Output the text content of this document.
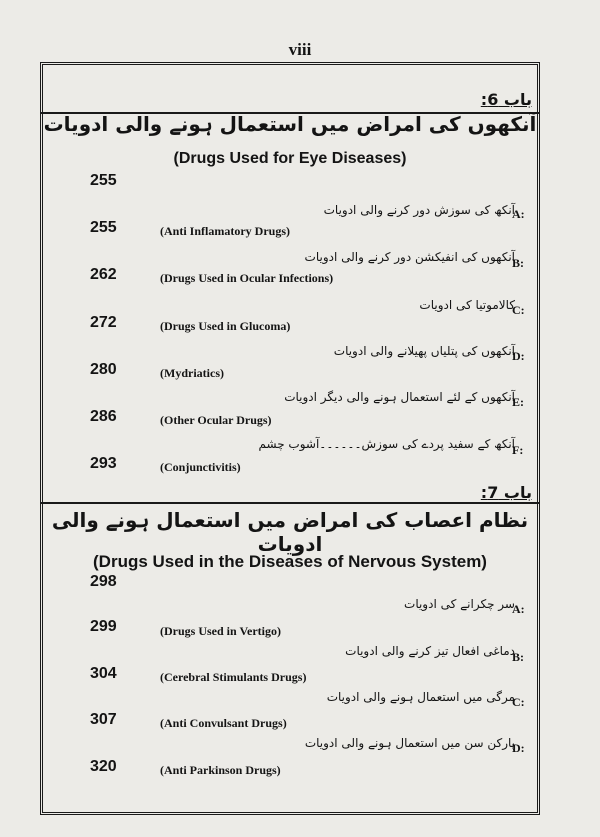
viii
باب 6:
آنکھوں کی امراض میں استعمال ہونے والی ادویات
(Drugs Used for Eye Diseases)
255
آنکھ کی سوزش دور کرنے والی ادویات
A:
255	(Anti Inflamatory Drugs)
آنکھوں کی انفیکشن دور کرنے والی ادویات
B:
262	(Drugs Used in Ocular Infections)
کالاموتیا کی ادویات
C:
272	(Drugs Used in Glucoma)
آنکھوں کی پتلیاں پھیلانے والی ادویات
D:
280	(Mydriatics)
آنکھوں کے لئے استعمال ہونے والی دیگر ادویات
E:
286	(Other Ocular Drugs)
آنکھ کے سفید پردے کی سوزش۔۔۔۔۔۔آشوب چشم
F:
293	(Conjunctivitis)
باب 7:
نظام اعصاب کی امراض میں استعمال ہونے والی ادویات
(Drugs Used in the Diseases of Nervous System)
298
سر چکرانے کی ادویات
A:
299	(Drugs Used in Vertigo)
دماغی افعال تیز کرنے والی ادویات
B:
304	(Cerebral Stimulants Drugs)
مرگی میں استعمال ہونے والی ادویات
C:
307	(Anti Convulsant Drugs)
پارکن سن میں استعمال ہونے والی ادویات
D:
320	(Anti Parkinson Drugs)
